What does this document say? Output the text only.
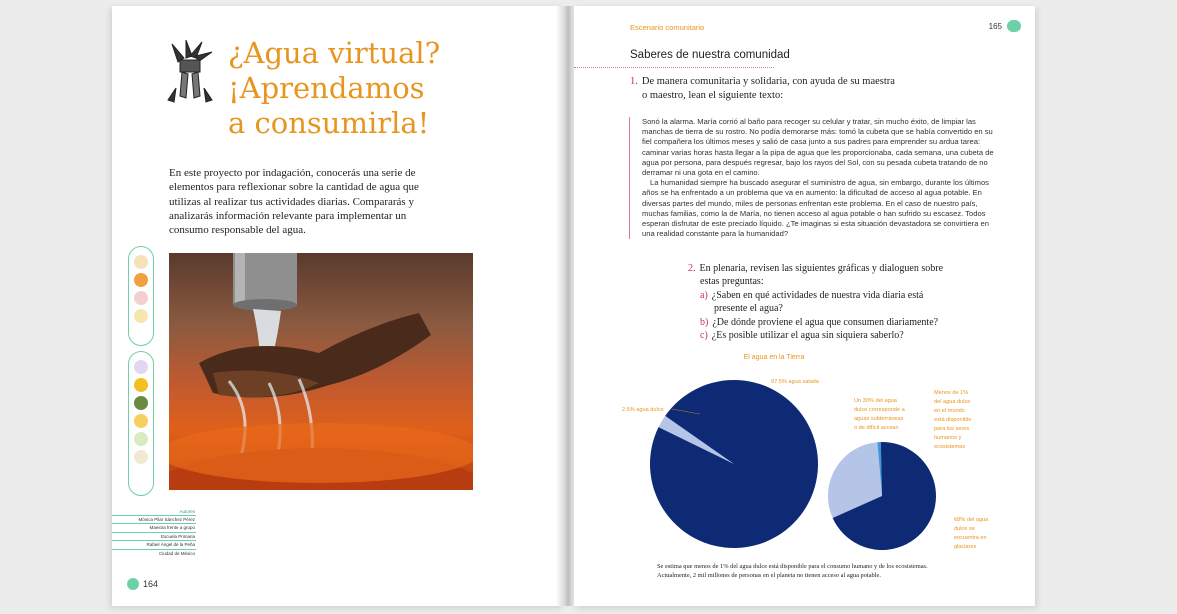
¿Agua virtual?
¡Aprendamos
a consumirla!

En este proyecto por indagación, conocerás una serie de elementos para reflexionar sobre la cantidad de agua que utilizas al realizar tus actividades diarias. Compararás y analizarás información relevante para implementar un consumo responsable del agua.

Autores
Mónica Pilar Sánchez Pérez
Maestra frente a grupo
Escuela Primaria
Rafael Ángel de la Peña
Ciudad de México
164
Escenario comunitario	165
Saberes de nuestra comunidad
1. De manera comunitaria y solidaria, con ayuda de su maestra
o maestro, lean el siguiente texto:

Sonó la alarma. María corrió al baño para recoger su celular y tratar, sin mucho éxito, de limpiar las manchas de tierra de su rostro. No podía demorarse más: tomó la cubeta que se había convertido en su fiel compañera los últimos meses y salió de casa junto a sus padres para emprender su ardua tarea: caminar varias horas hasta llegar a la pipa de agua que les proporcionaba, cada semana, una cubeta de agua por persona, para después regresar, bajo los rayos del Sol, con su pesada cubeta tratando de no derramar ni una gota en el camino.

La humanidad siempre ha buscado asegurar el suministro de agua, sin embargo, durante los últimos años se ha enfrentado a un problema que va en aumento: la dificultad de acceso al agua potable. En diversas partes del mundo, miles de personas enfrentan este problema. En el caso de nuestro país, muchas familias, como la de María, no tienen acceso al agua potable o han sufrido su escasez. Todos esperan disfrutar de este preciado líquido. ¿Te imaginas si esta situación devastadora se convirtiera en una realidad constante para la humanidad?

2. En plenaria, revisen las siguientes gráficas y dialoguen sobre
estas preguntas:
a) ¿Saben en qué actividades de nuestra vida diaria está
presente el agua?
b) ¿De dónde proviene el agua que consumen diariamente?
c) ¿Es posible utilizar el agua sin siquiera saberlo?
El agua en la Tierra
97.5% agua salada
2.5% agua dulce
Un 30% del agua
dulce corresponde a
aguas subterráneas
o de difícil acceso
Menos de 1%
del agua dulce
en el mundo
está disponible
para los seres
humanos y
ecosistemas
68% del agua
dulce se
encuentra en
glaciares

Se estima que menos de 1% del agua dulce está disponible para el consumo humano y de los ecosistemas. Actualmente, 2 mil millones de personas en el planeta no tienen acceso al agua potable.
